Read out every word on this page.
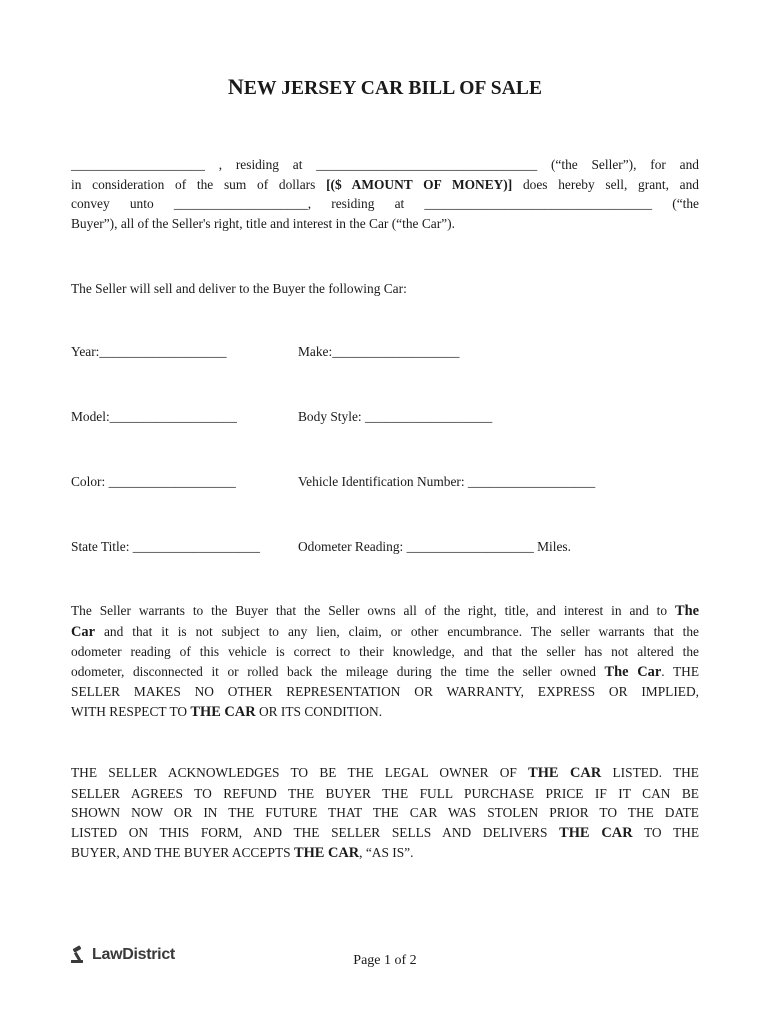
NEW JERSEY CAR BILL OF SALE
____________________ , residing at _________________________________ (“the Seller”), for and
in consideration of the sum of dollars [($ AMOUNT OF MONEY)] does hereby sell, grant, and
convey unto ____________________, residing at __________________________________ (“the
Buyer”), all of the Seller's right, title and interest in the Car (“the Car”).
The Seller will sell and deliver to the Buyer the following Car:
Year:___________________	Make:___________________
Model:___________________	Body Style: ___________________
Color: ___________________	Vehicle Identification Number: ___________________
State Title: ___________________	Odometer Reading: ___________________ Miles.
The Seller warrants to the Buyer that the Seller owns all of the right, title, and interest in and to The
Car and that it is not subject to any lien, claim, or other encumbrance. The seller warrants that the
odometer reading of this vehicle is correct to their knowledge, and that the seller has not altered the
odometer, disconnected it or rolled back the mileage during the time the seller owned The Car. THE
SELLER MAKES NO OTHER REPRESENTATION OR WARRANTY, EXPRESS OR IMPLIED,
WITH RESPECT TO THE CAR OR ITS CONDITION.
THE SELLER ACKNOWLEDGES TO BE THE LEGAL OWNER OF THE CAR LISTED. THE
SELLER AGREES TO REFUND THE BUYER THE FULL PURCHASE PRICE IF IT CAN BE
SHOWN NOW OR IN THE FUTURE THAT THE CAR WAS STOLEN PRIOR TO THE DATE
LISTED ON THIS FORM, AND THE SELLER SELLS AND DELIVERS THE CAR TO THE
BUYER, AND THE BUYER ACCEPTS THE CAR, “AS IS”.
LawDistrict	Page 1 of 2
